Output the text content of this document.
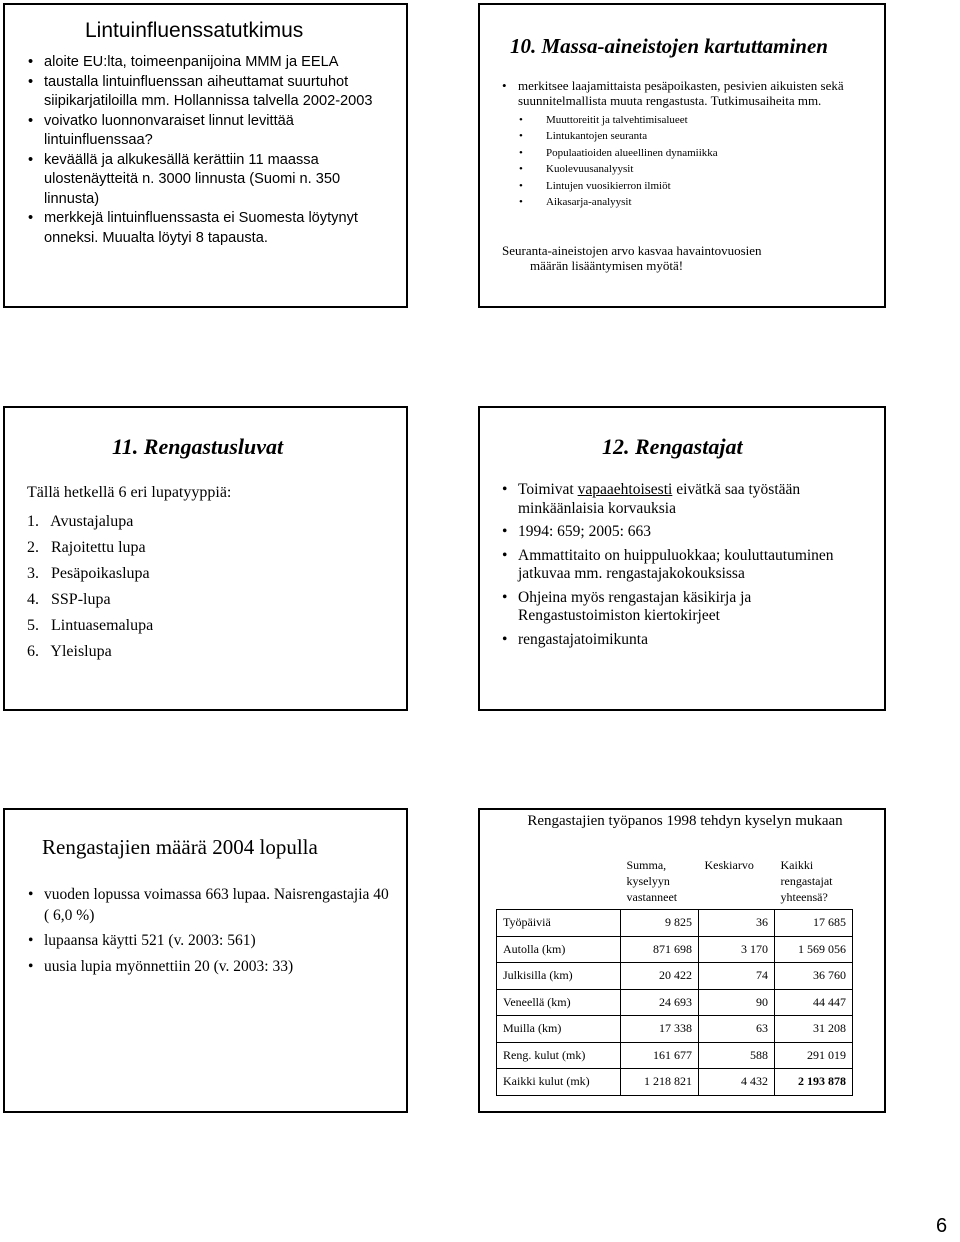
Lintuinfluenssatutkimus
• aloite EU:lta, toimeenpanijoina MMM ja EELA
• taustalla lintuinfluenssan aiheuttamat suurtuhot siipikarjatiloilla mm. Hollannissa talvella 2002-2003
• voivatko luonnonvaraiset linnut levittää lintuinfluenssaa?
• keväällä ja alkukesällä kerättiin 11 maassa ulostenäytteitä n. 3000 linnusta (Suomi n. 350 linnusta)
• merkkejä lintuinfluenssasta ei Suomesta löytynyt onneksi. Muualta löytyi 8 tapausta.
10. Massa-aineistojen kartuttaminen
• merkitsee laajamittaista pesäpoikasten, pesivien aikuisten sekä suunnitelmallista muuta rengastusta. Tutkimusaiheita mm.
• Muuttoreitit ja talvehtimisalueet
• Lintukantojen seuranta
• Populaatioiden alueellinen dynamiikka
• Kuolevuusanalyysit
• Lintujen vuosikierron ilmiöt
• Aikasarja-analyysit
Seuranta-aineistojen arvo kasvaa havaintovuosien
määrän lisääntymisen myötä!
11. Rengastusluvat
Tällä hetkellä 6 eri lupatyyppiä:
1.   Avustajalupa
2.   Rajoitettu lupa
3.   Pesäpoikaslupa
4.   SSP-lupa
5.   Lintuasemalupa
6.   Yleislupa
12. Rengastajat
• Toimivat vapaaehtoisesti eivätkä saa työstään minkäänlaisia korvauksia
• 1994: 659; 2005: 663
• Ammattitaito on huippuluokkaa; kouluttautuminen jatkuvaa mm. rengastajakokouksissa
• Ohjeina myös rengastajan käsikirja ja Rengastustoimiston kiertokirjeet
• rengastajatoimikunta
Rengastajien määrä 2004 lopulla
• vuoden lopussa voimassa 663 lupaa. Naisrengastajia 40 ( 6,0 %)
• lupaansa käytti 521 (v. 2003: 561)
• uusia lupia myönnettiin 20 (v. 2003: 33)
Rengastajien työpanos 1998 tehdyn kyselyn mukaan
	Summa, kyselyyn vastanneet	Keskiarvo	Kaikki rengastajat yhteensä?
Työpäiviä	9 825	36	17 685
Autolla (km)	871 698	3 170	1 569 056
Julkisilla (km)	20 422	74	36 760
Veneellä (km)	24 693	90	44 447
Muilla (km)	17 338	63	31 208
Reng. kulut (mk)	161 677	588	291 019
Kaikki kulut (mk)	1 218 821	4 432	2 193 878
6
